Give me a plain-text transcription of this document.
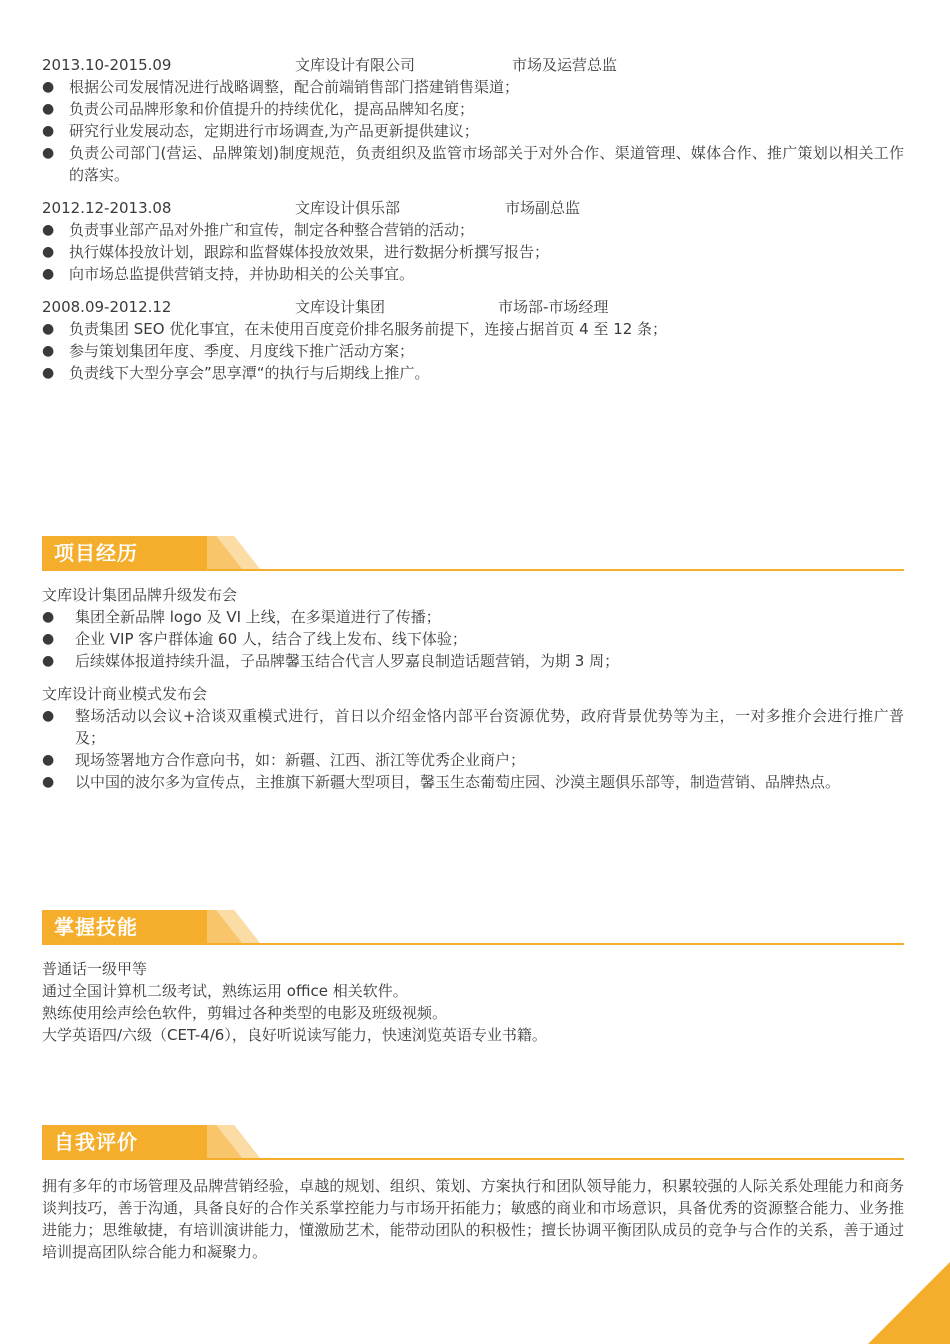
2013.10-2015.09	文库设计有限公司	市场及运营总监
● 根据公司发展情况进行战略调整，配合前端销售部门搭建销售渠道；
● 负责公司品牌形象和价值提升的持续优化，提高品牌知名度；
● 研究行业发展动态，定期进行市场调查,为产品更新提供建议；
● 负责公司部门(营运、品牌策划)制度规范，负责组织及监管市场部关于对外合作、渠道管理、媒体合作、推广策划以相关工作的落实。
2012.12-2013.08	文库设计俱乐部	市场副总监
● 负责事业部产品对外推广和宣传，制定各种整合营销的活动；
● 执行媒体投放计划，跟踪和监督媒体投放效果，进行数据分析撰写报告；
● 向市场总监提供营销支持，并协助相关的公关事宜。
2008.09-2012.12	文库设计集团	市场部-市场经理
● 负责集团 SEO 优化事宜，在未使用百度竞价排名服务前提下，连接占据首页 4 至 12 条；
● 参与策划集团年度、季度、月度线下推广活动方案；
● 负责线下大型分享会”思享潭“的执行与后期线上推广。
项目经历
文库设计集团品牌升级发布会
● 集团全新品牌 logo 及 VI 上线，在多渠道进行了传播；
● 企业 VIP 客户群体逾 60 人，结合了线上发布、线下体验；
● 后续媒体报道持续升温，子品牌馨玉结合代言人罗嘉良制造话题营销，为期 3 周；
文库设计商业模式发布会
● 整场活动以会议+洽谈双重模式进行，首日以介绍金恪内部平台资源优势，政府背景优势等为主，一对多推介会进行推广普及；
● 现场签署地方合作意向书，如：新疆、江西、浙江等优秀企业商户；
● 以中国的波尔多为宣传点，主推旗下新疆大型项目，馨玉生态葡萄庄园、沙漠主题俱乐部等，制造营销、品牌热点。
掌握技能
普通话一级甲等
通过全国计算机二级考试，熟练运用 office 相关软件。
熟练使用绘声绘色软件，剪辑过各种类型的电影及班级视频。
大学英语四/六级（CET-4/6），良好听说读写能力，快速浏览英语专业书籍。
自我评价
拥有多年的市场管理及品牌营销经验，卓越的规划、组织、策划、方案执行和团队领导能力，积累较强的人际关系处理能力和商务谈判技巧，善于沟通，具备良好的合作关系掌控能力与市场开拓能力；敏感的商业和市场意识，具备优秀的资源整合能力、业务推进能力；思维敏捷，有培训演讲能力，懂激励艺术，能带动团队的积极性；擅长协调平衡团队成员的竞争与合作的关系，善于通过培训提高团队综合能力和凝聚力。
